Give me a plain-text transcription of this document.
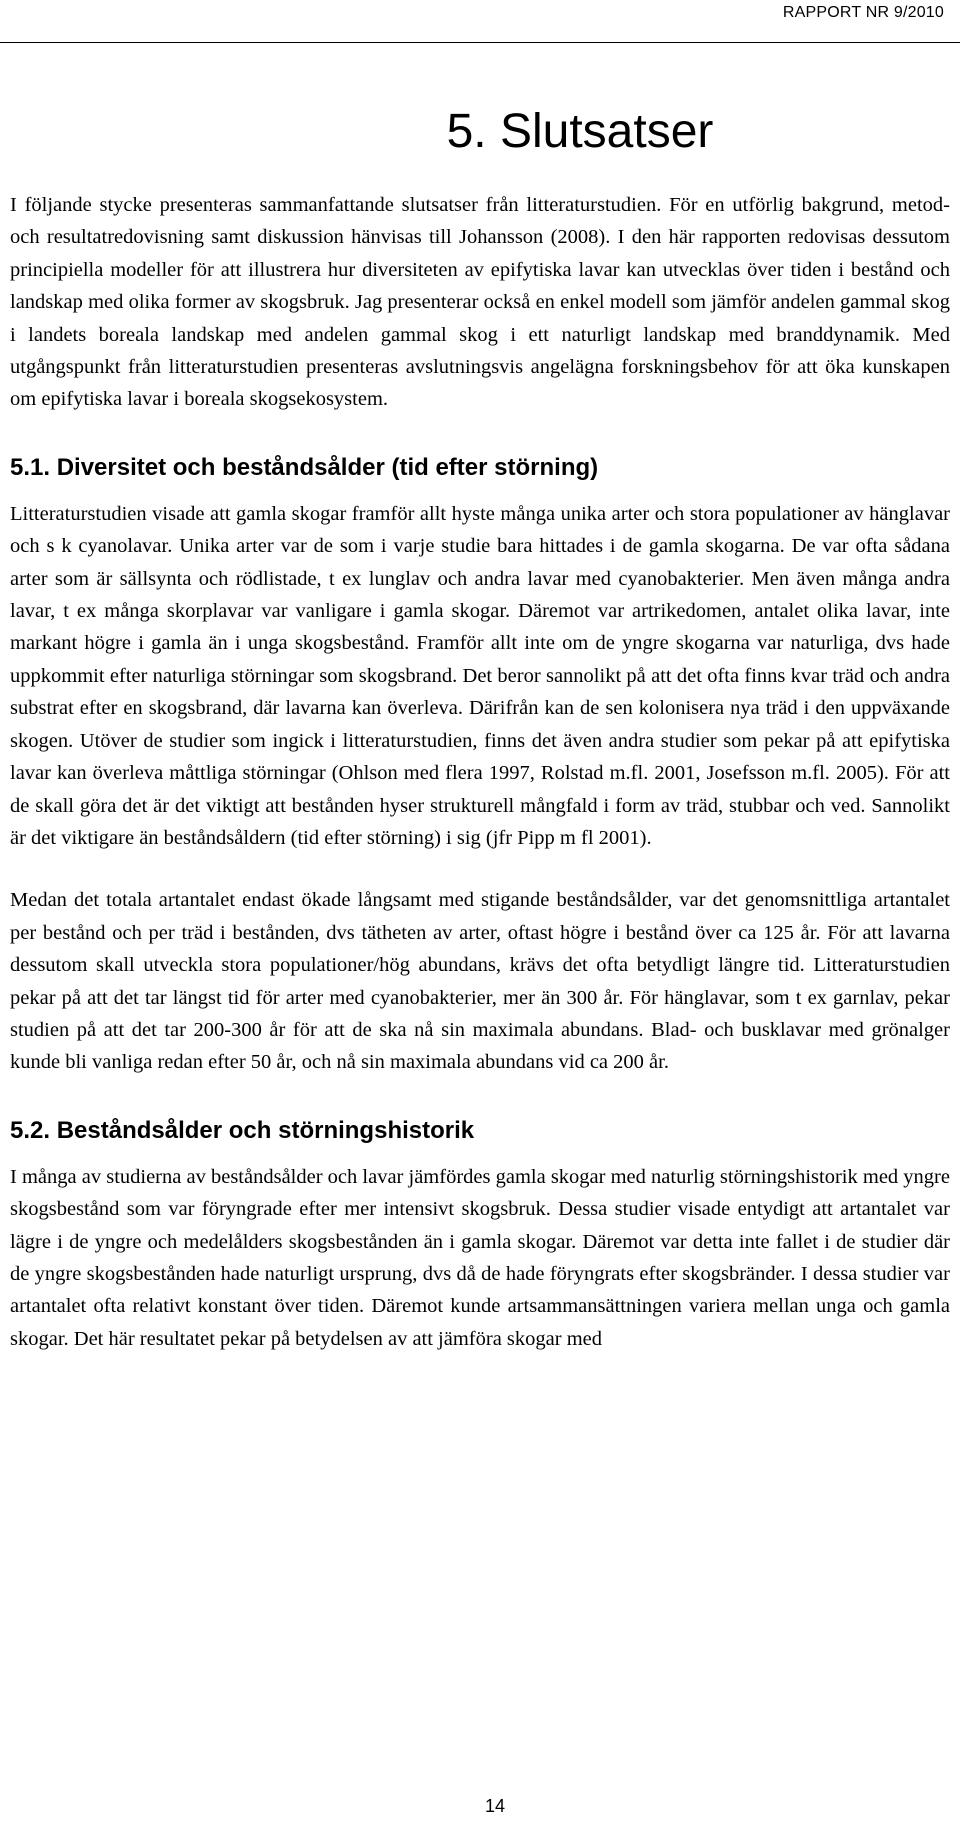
RAPPORT NR 9/2010
5. Slutsatser

I följande stycke presenteras sammanfattande slutsatser från litteraturstudien. För en utförlig bakgrund, metod- och resultatredovisning samt diskussion hänvisas till Johansson (2008). I den här rapporten redovisas dessutom principiella modeller för att illustrera hur diversiteten av epifytiska lavar kan utvecklas över tiden i bestånd och landskap med olika former av skogsbruk. Jag presenterar också en enkel modell som jämför andelen gammal skog i landets boreala landskap med andelen gammal skog i ett naturligt landskap med branddynamik. Med utgångspunkt från litteraturstudien presenteras avslutningsvis angelägna forskningsbehov för att öka kunskapen om epifytiska lavar i boreala skogsekosystem.

5.1. Diversitet och beståndsålder (tid efter störning)

Litteraturstudien visade att gamla skogar framför allt hyste många unika arter och stora populationer av hänglavar och s k cyanolavar. Unika arter var de som i varje studie bara hittades i de gamla skogarna. De var ofta sådana arter som är sällsynta och rödlistade, t ex lunglav och andra lavar med cyanobakterier. Men även många andra lavar, t ex många skorplavar var vanligare i gamla skogar. Däremot var artrikedomen, antalet olika lavar, inte markant högre i gamla än i unga skogsbestånd. Framför allt inte om de yngre skogarna var naturliga, dvs hade uppkommit efter naturliga störningar som skogsbrand. Det beror sannolikt på att det ofta finns kvar träd och andra substrat efter en skogsbrand, där lavarna kan överleva. Därifrån kan de sen kolonisera nya träd i den uppväxande skogen. Utöver de studier som ingick i litteraturstudien, finns det även andra studier som pekar på att epifytiska lavar kan överleva måttliga störningar (Ohlson med flera 1997, Rolstad m.fl. 2001, Josefsson m.fl. 2005). För att de skall göra det är det viktigt att bestånden hyser strukturell mångfald i form av träd, stubbar och ved. Sannolikt är det viktigare än beståndsåldern (tid efter störning) i sig (jfr Pipp m fl 2001).

Medan det totala artantalet endast ökade långsamt med stigande beståndsålder, var det genomsnittliga artantalet per bestånd och per träd i bestånden, dvs tätheten av arter, oftast högre i bestånd över ca 125 år. För att lavarna dessutom skall utveckla stora populationer/hög abundans, krävs det ofta betydligt längre tid. Litteraturstudien pekar på att det tar längst tid för arter med cyanobakterier, mer än 300 år. För hänglavar, som t ex garnlav, pekar studien på att det tar 200-300 år för att de ska nå sin maximala abundans. Blad- och busklavar med grönalger kunde bli vanliga redan efter 50 år, och nå sin maximala abundans vid ca 200 år.

5.2. Beståndsålder och störningshistorik

I många av studierna av beståndsålder och lavar jämfördes gamla skogar med naturlig störningshistorik med yngre skogsbestånd som var föryngrade efter mer intensivt skogsbruk. Dessa studier visade entydigt att artantalet var lägre i de yngre och medelålders skogsbestånden än i gamla skogar. Däremot var detta inte fallet i de studier där de yngre skogsbestånden hade naturligt ursprung, dvs då de hade föryngrats efter skogsbränder. I dessa studier var artantalet ofta relativt konstant över tiden. Däremot kunde artsammansättningen variera mellan unga och gamla skogar. Det här resultatet pekar på betydelsen av att jämföra skogar med

14
